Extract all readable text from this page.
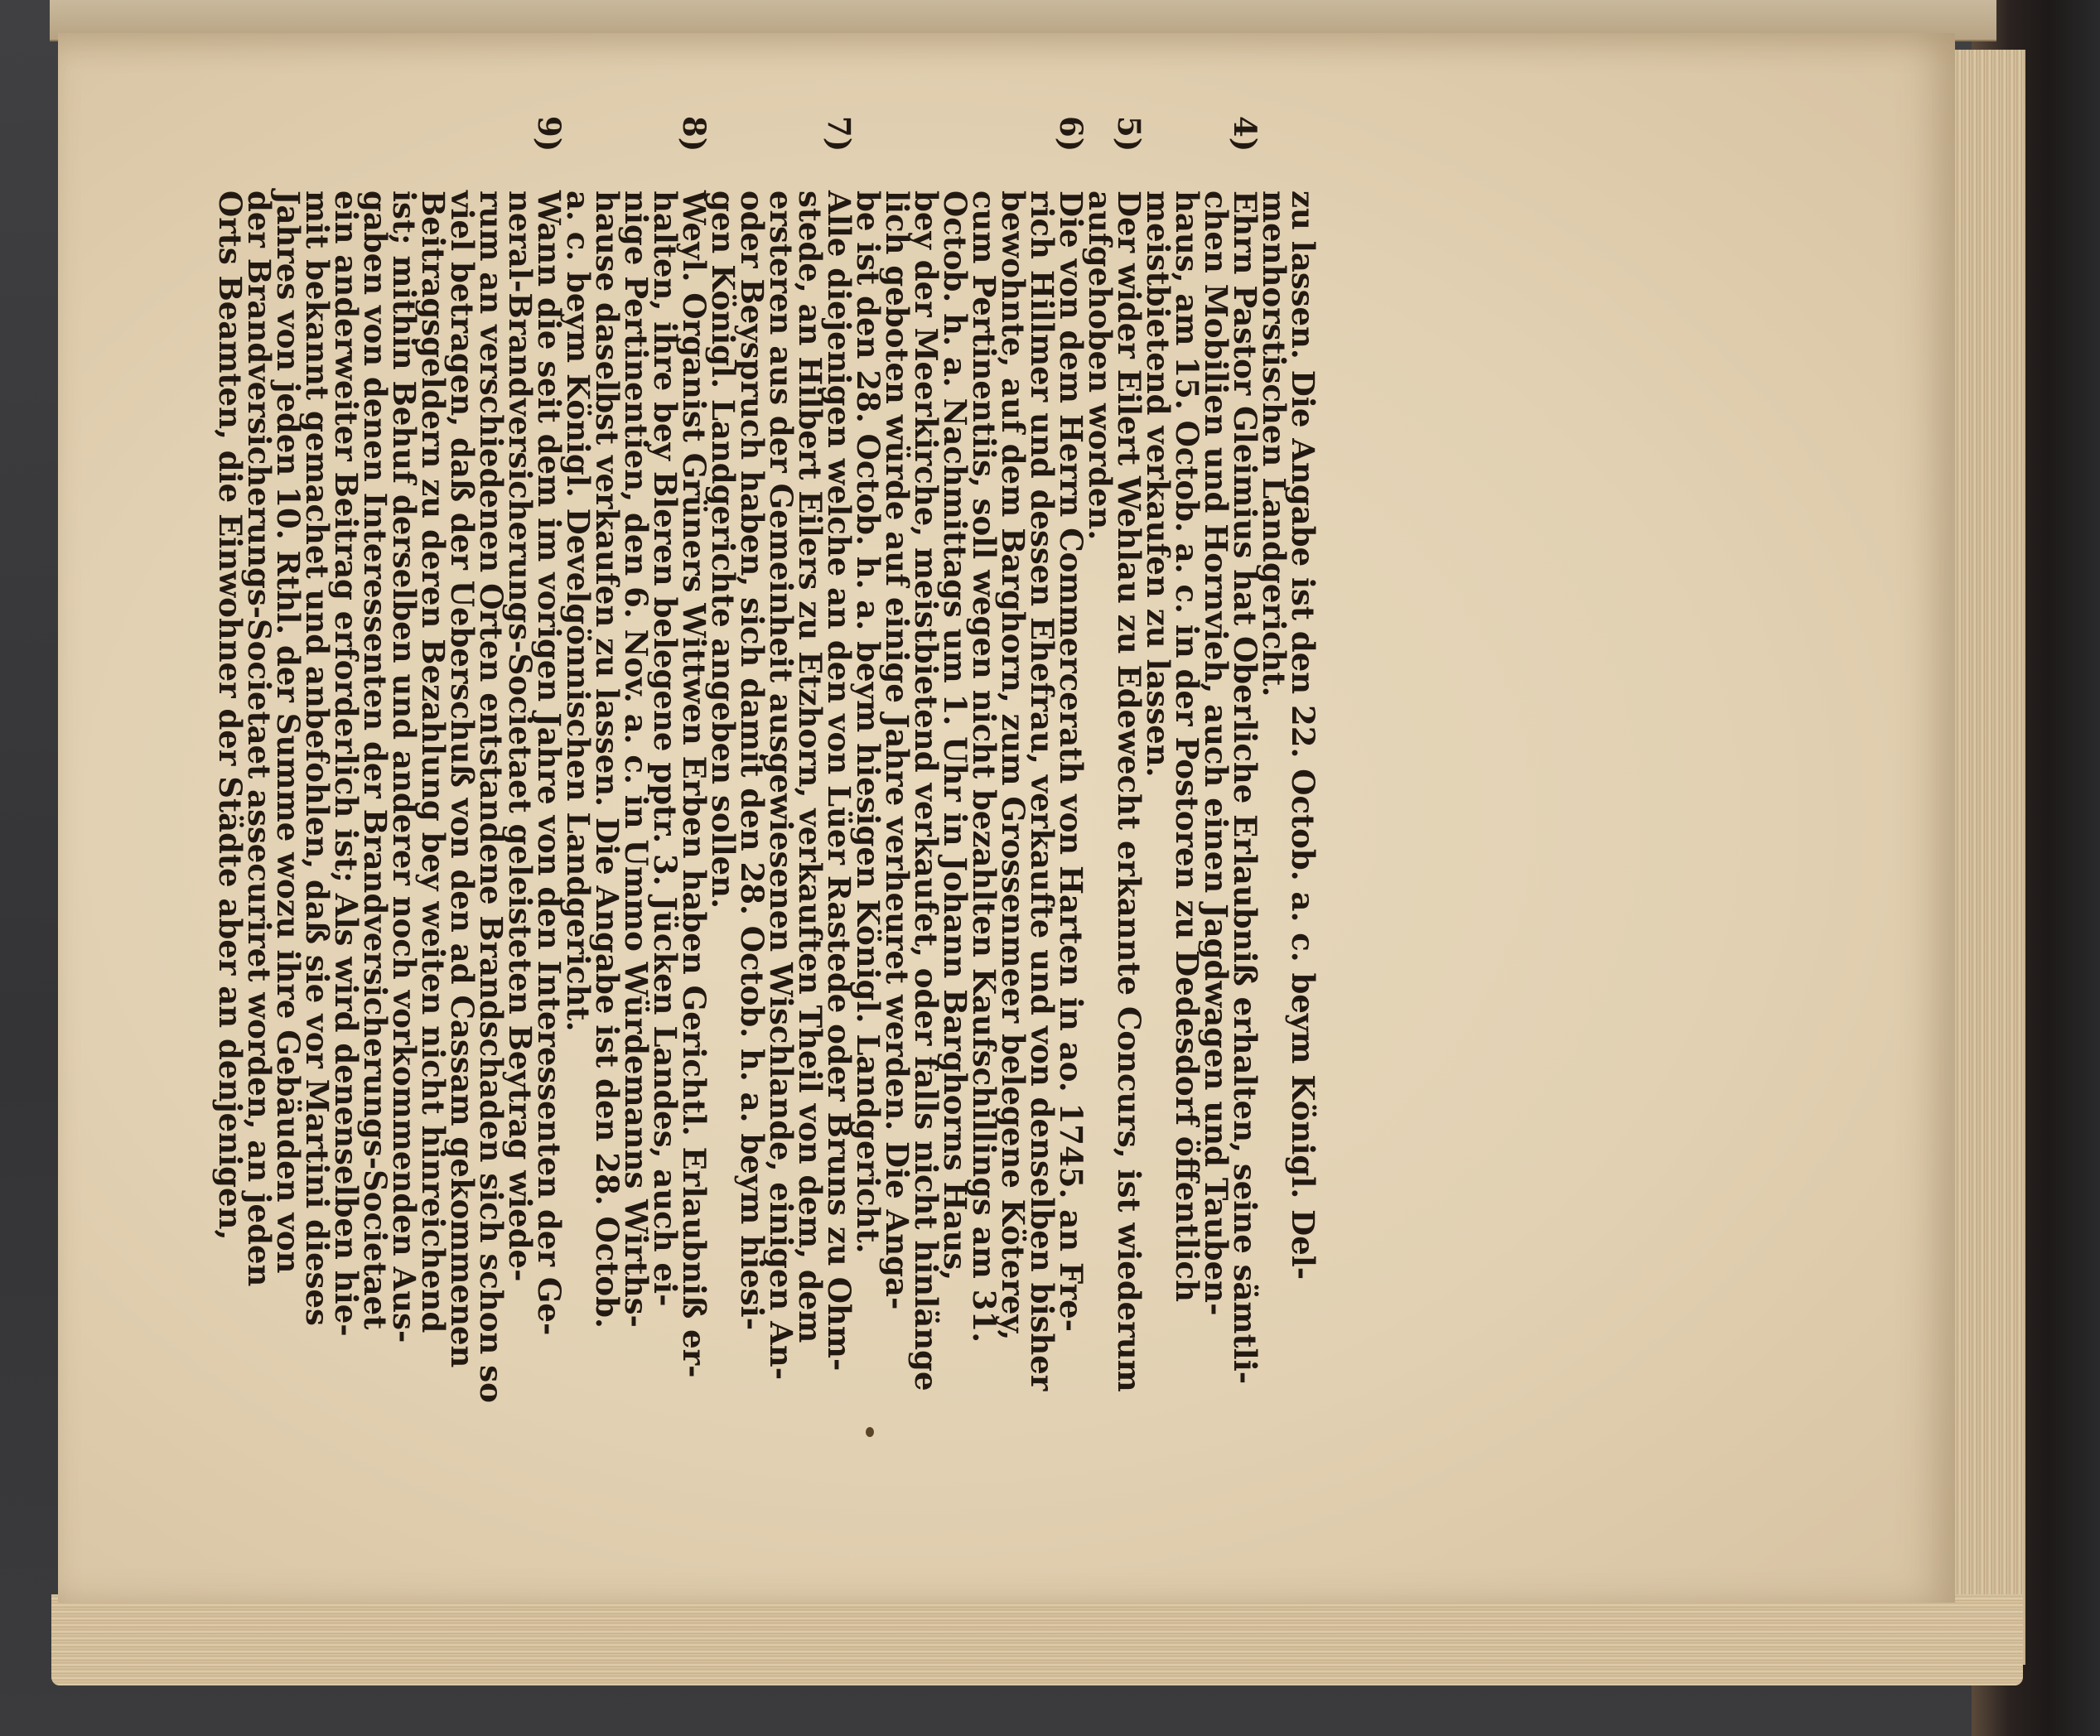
zu lassen. Die Angabe ist den 22. Octob. a. c. beym Königl. Del-
menhorstischen Landgericht.
4)
Ehrn Pastor Gleimius hat Oberliche Erlaubniß erhalten, seine sämtli-
chen Mobilien und Hornvieh, auch einen Jagdwagen und Tauben-
haus, am 15. Octob. a. c. in der Postoren zu Dedesdorf öffentlich
meistbietend verkaufen zu lassen.
5)
Der wider Eilert Wehlau zu Edewecht erkannte Concurs, ist wiederum
aufgehoben worden.
6)
Die von dem Herrn Commercerath von Harten in ao. 1745. an Fre-
rich Hillmer und dessen Ehefrau, verkaufte und von denselben bisher
bewohnte, auf dem Barghorn, zum Grossenmeer belegene Köterey,
cum Pertinentiis, soll wegen nicht bezahlten Kaufschillings am 31.
Octob. h. a. Nachmittags um 1. Uhr in Johann Barghorns Haus,
bey der Meerkirche, meistbietend verkaufet, oder falls nicht hinlänge
lich geboten würde auf einige Jahre verheuret werden. Die Anga-
be ist den 28. Octob. h. a. beym hiesigen Königl. Landgericht.
7)
Alle diejenigen welche an den von Lüer Rastede oder Bruns zu Ohm-
stede, an Hilbert Eilers zu Etzhorn, verkauften Theil von dem, dem
ersteren aus der Gemeinheit ausgewiesenen Wischlande, einigen An-
oder Beyspruch haben, sich damit den 28. Octob. h. a. beym hiesi-
gen Königl. Landgerichte angeben sollen.
8)
Weyl. Organist Grüners Wittwen Erben haben Gerichtl. Erlaubniß er-
halten, ihre bey Bleren belegene pptr. 3. Jücken Landes, auch ei-
nige Pertinentien, den 6. Nov. a. c. in Ummo Würdemanns Wirths-
hause daselbst verkaufen zu lassen. Die Angabe ist den 28. Octob.
a. c. beym Königl. Develgönnischen Landgericht.
9)
Wann die seit dem im vorigen Jahre von den Interessenten der Ge-
neral-Brandversicherungs-Societaet geleisteten Beytrag wiede-
rum an verschiedenen Orten entstandene Brandschaden sich schon so
viel betragen, daß der Ueberschuß von den ad Cassam gekommenen
Beitragsgeldern zu deren Bezahlung bey weiten nicht hinreichend
ist; mithin Behuf derselben und anderer noch vorkommenden Aus-
gaben von denen Interessenten der Brandversicherungs-Societaet
ein anderweiter Beitrag erforderlich ist; Als wird denenselben hie-
mit bekannt gemachet und anbefohlen, daß sie vor Martini dieses
Jahres von jeden 10. Rthl. der Summe wozu ihre Gebäuden von
der Brandversicherungs-Societaet assecuriret worden, an jeden
Orts Beamten, die Einwohner der Städte aber an denjenigen,
